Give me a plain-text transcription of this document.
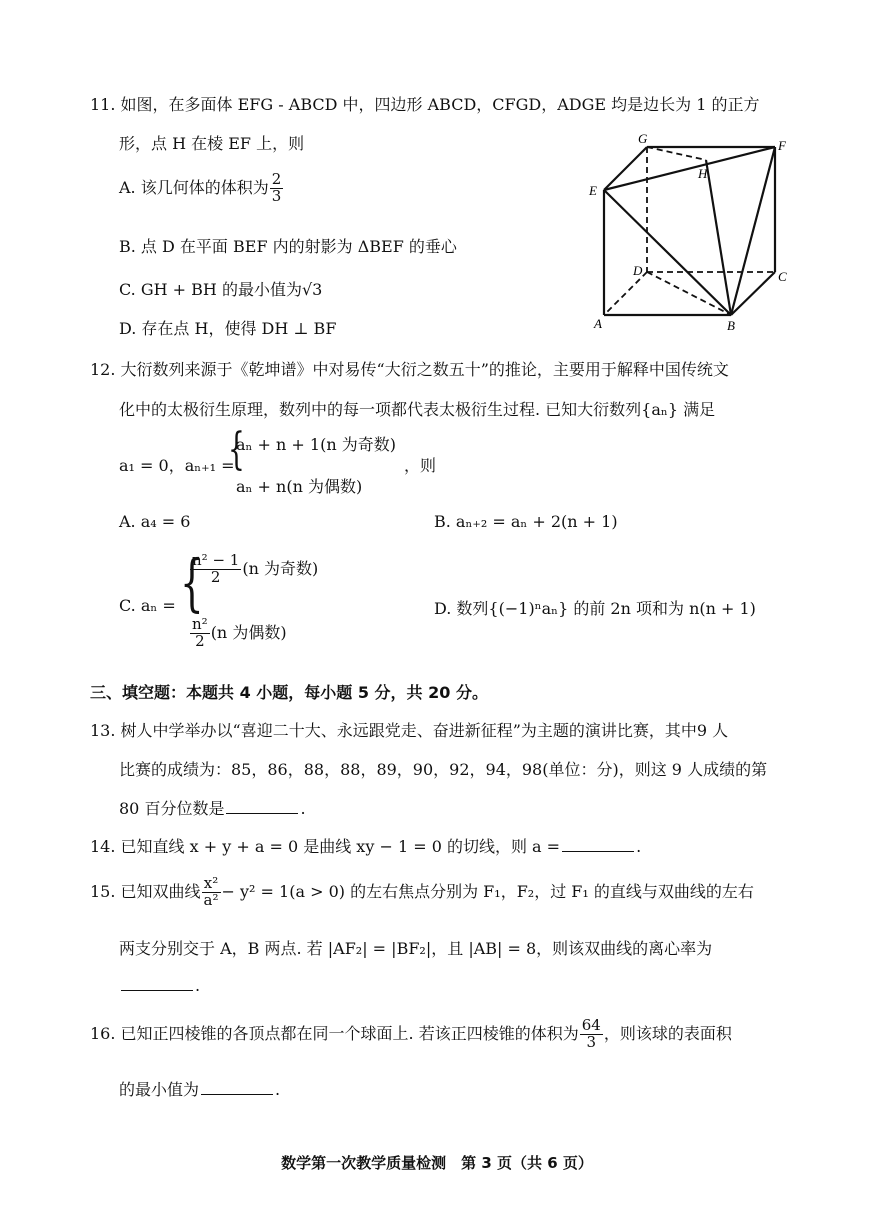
11. 如图，在多面体 EFG - ABCD 中，四边形 ABCD，CFGD，ADGE 均是边长为 1 的正方
形，点 H 在棱 EF 上，则
A. 该几何体的体积为 $\frac{2}{3}$
B. 点 D 在平面 BEF 内的射影为 ΔBEF 的垂心
C. GH + BH 的最小值为√3
D. 存在点 H，使得 DH ⊥ BF
G	F
E
H
D	C
A	B
12. 大衍数列来源于《乾坤谱》中对易传“大衍之数五十”的推论，主要用于解释中国传统文
化中的太极衍生原理，数列中的每一项都代表太极衍生过程. 已知大衍数列{aₙ} 满足
a₁ = 0，aₙ₊₁ =
{
aₙ + n + 1(n 为奇数)
aₙ + n(n 为偶数)
，则
A. a₄ = 6	B. aₙ₊₂ = aₙ + 2(n + 1)
C. aₙ = {
$\frac{\text{n² − 1}}{2} (n$ 为奇数)
$\frac{\text{n²}}{2} (n$ 为偶数)
D. 数列{(−1)ⁿaₙ} 的前 2n 项和为 n(n + 1)
三、填空题：本题共 4 小题，每小题 5 分，共 20 分。
13. 树人中学举办以“喜迎二十大、永远跟党走、奋进新征程”为主题的演讲比赛，其中9 人
比赛的成绩为：85，86，88，88，89，90，92，94，98(单位：分)，则这 9 人成绩的第
80 百分位数是	.
14. 已知直线 x + y + a = 0 是曲线 xy − 1 = 0 的切线，则 a =	.
15. 已知双曲线 $\frac{\text{x²}}{\text{a²}} - y^2 = 1(a > 0)$ 的左右焦点分别为 F₁，F₂，过 F₁ 的直线与双曲线的左右
两支分别交于 A，B 两点. 若 |AF₂| = |BF₂|，且 |AB| = 8，则该双曲线的离心率为
.
16. 已知正四棱锥的各顶点都在同一个球面上. 若该正四棱锥的体积为 $\frac{64}{3}$ ，则该球的表面积
的最小值为	.
数学第一次教学质量检测　第 3 页（共 6 页）
